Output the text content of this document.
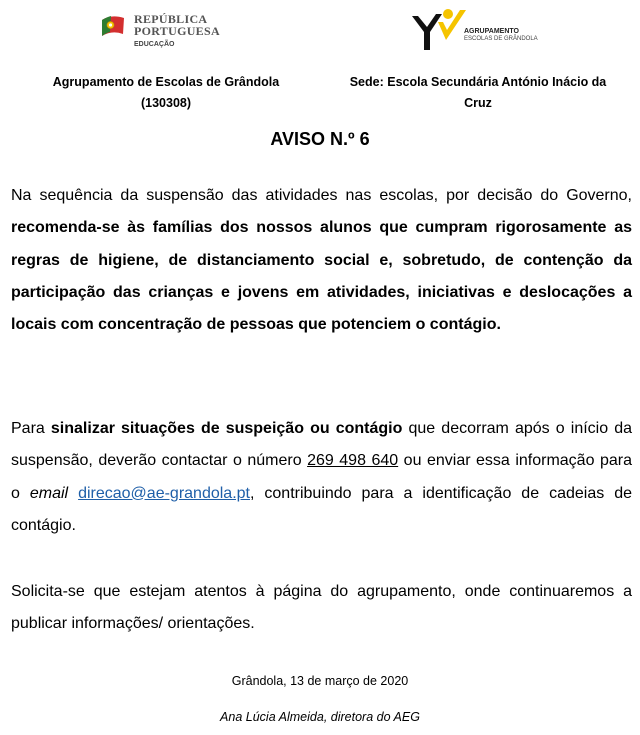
REPÚBLICA
PORTUGUESA
EDUCAÇÃO
AGRUPAMENTO
ESCOLAS DE GRÂNDOLA
Agrupamento de Escolas de Grândola
(130308)
Sede: Escola Secundária António Inácio da
Cruz
AVISO N.º 6
Na sequência da suspensão das atividades nas escolas, por decisão do Governo, recomenda-se às famílias dos nossos alunos que cumpram rigorosamente as regras de higiene, de distanciamento social e, sobretudo, de contenção da participação das crianças e jovens em atividades, iniciativas e deslocações a locais com concentração de pessoas que potenciem o contágio.
Para sinalizar situações de suspeição ou contágio que decorram após o início da suspensão, deverão contactar o número 269 498 640 ou enviar essa informação para o email direcao@ae-grandola.pt, contribuindo para a identificação de cadeias de contágio.
Solicita-se que estejam atentos à página do agrupamento, onde continuaremos a publicar informações/ orientações.
Grândola, 13 de março de 2020
Ana Lúcia Almeida, diretora do AEG
